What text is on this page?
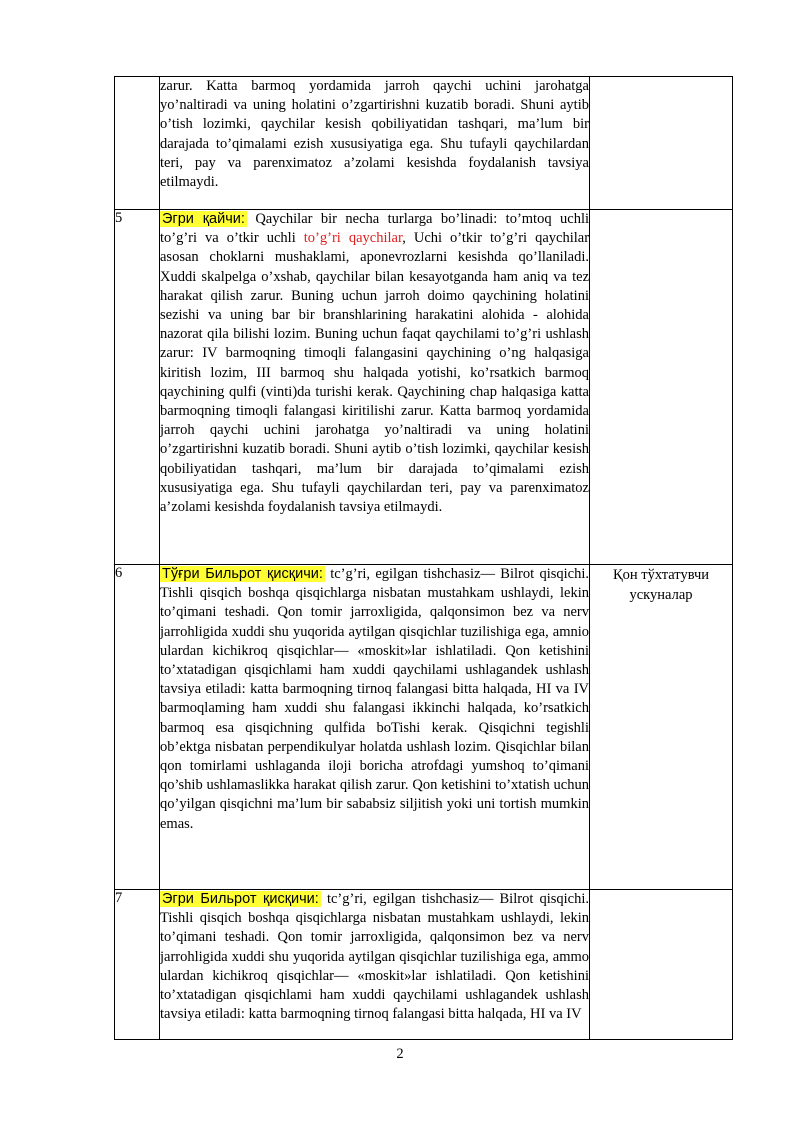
	zarur. Katta barmoq yordamida jarroh qaychi uchini jarohatga yo’naltiradi va uning holatini o’zgartirishni kuzatib boradi. Shuni aytib o’tish lozimki, qaychilar kesish qobiliyatidan tashqari, ma’lum bir darajada to’qimalami ezish xususiyatiga ega. Shu tufayli qaychilardan teri, pay va parenximatoz a’zolami kesishda foydalanish tavsiya etilmaydi.	

5	Эгри қайчи: Qaychilar bir necha turlarga bo’linadi: to’mtoq uchli to’g’ri va o’tkir uchli to’g’ri qaychilar, Uchi o’tkir to’g’ri qaychilar asosan choklarni mushaklami, aponevrozlarni kesishda qo’llaniladi. Xuddi skalpelga o’xshab, qaychilar bilan kesayotganda ham aniq va tez harakat qilish zarur. Buning uchun jarroh doimo qaychining holatini sezishi va uning bar bir branshlarining harakatini alohida - alohida nazorat qila bilishi lozim. Buning uchun faqat qaychilami to’g’ri ushlash zarur: IV barmoqning timoqli falangasini qaychining o’ng halqasiga kiritish lozim, III barmoq shu halqada yotishi, ko’rsatkich barmoq qaychining qulfi (vinti)da turishi kerak. Qaychining chap halqasiga katta barmoqning timoqli falangasi kiritilishi zarur. Katta barmoq yordamida jarroh qaychi uchini jarohatga yo’naltiradi va uning holatini o’zgartirishni kuzatib boradi. Shuni aytib o’tish lozimki, qaychilar kesish qobiliyatidan tashqari, ma’lum bir darajada to’qimalami ezish xususiyatiga ega. Shu tufayli qaychilardan teri, pay va parenximatoz a’zolami kesishda foydalanish tavsiya etilmaydi.	

6	Тўғри Бильрот қисқичи: tc’g’ri, egilgan tishchasiz— Bilrot qisqichi. Tishli qisqich boshqa qisqichlarga nisbatan mustahkam ushlaydi, lekin to’qimani teshadi. Qon tomir jarroxligida, qalqonsimon bez va nerv jarrohligida xuddi shu yuqorida aytilgan qisqichlar tuzilishiga ega, amnio ulardan kichikroq qisqichlar— «moskit»lar ishlatiladi. Qon ketishini to’xtatadigan qisqichlami ham xuddi qaychilami ushlagandek ushlash tavsiya etiladi: katta barmoqning tirnoq falangasi bitta halqada, HI va IV barmoqlaming ham xuddi shu falangasi ikkinchi halqada, ko’rsatkich barmoq esa qisqichning qulfida boTishi kerak. Qisqichni tegishli ob’ektga nisbatan perpendikulyar holatda ushlash lozim. Qisqichlar bilan qon tomirlami ushlaganda iloji boricha atrofdagi yumshoq to’qimani qo’shib ushlamaslikka harakat qilish zarur. Qon ketishini to’xtatish uchun qo’yilgan qisqichni ma’lum bir sababsiz siljitish yoki uni tortish mumkin emas.	Қон тўхтатувчи ускуналар
7	Эгри Бильрот қисқичи: tc’g’ri, egilgan tishchasiz— Bilrot qisqichi. Tishli qisqich boshqa qisqichlarga nisbatan mustahkam ushlaydi, lekin to’qimani teshadi. Qon tomir jarroxligida, qalqonsimon bez va nerv jarrohligida xuddi shu yuqorida aytilgan qisqichlar tuzilishiga ega, ammo ulardan kichikroq qisqichlar— «moskit»lar ishlatiladi. Qon ketishini to’xtatadigan qisqichlami ham xuddi qaychilami ushlagandek ushlash tavsiya etiladi: katta barmoqning tirnoq falangasi bitta halqada, HI va IV	

2
